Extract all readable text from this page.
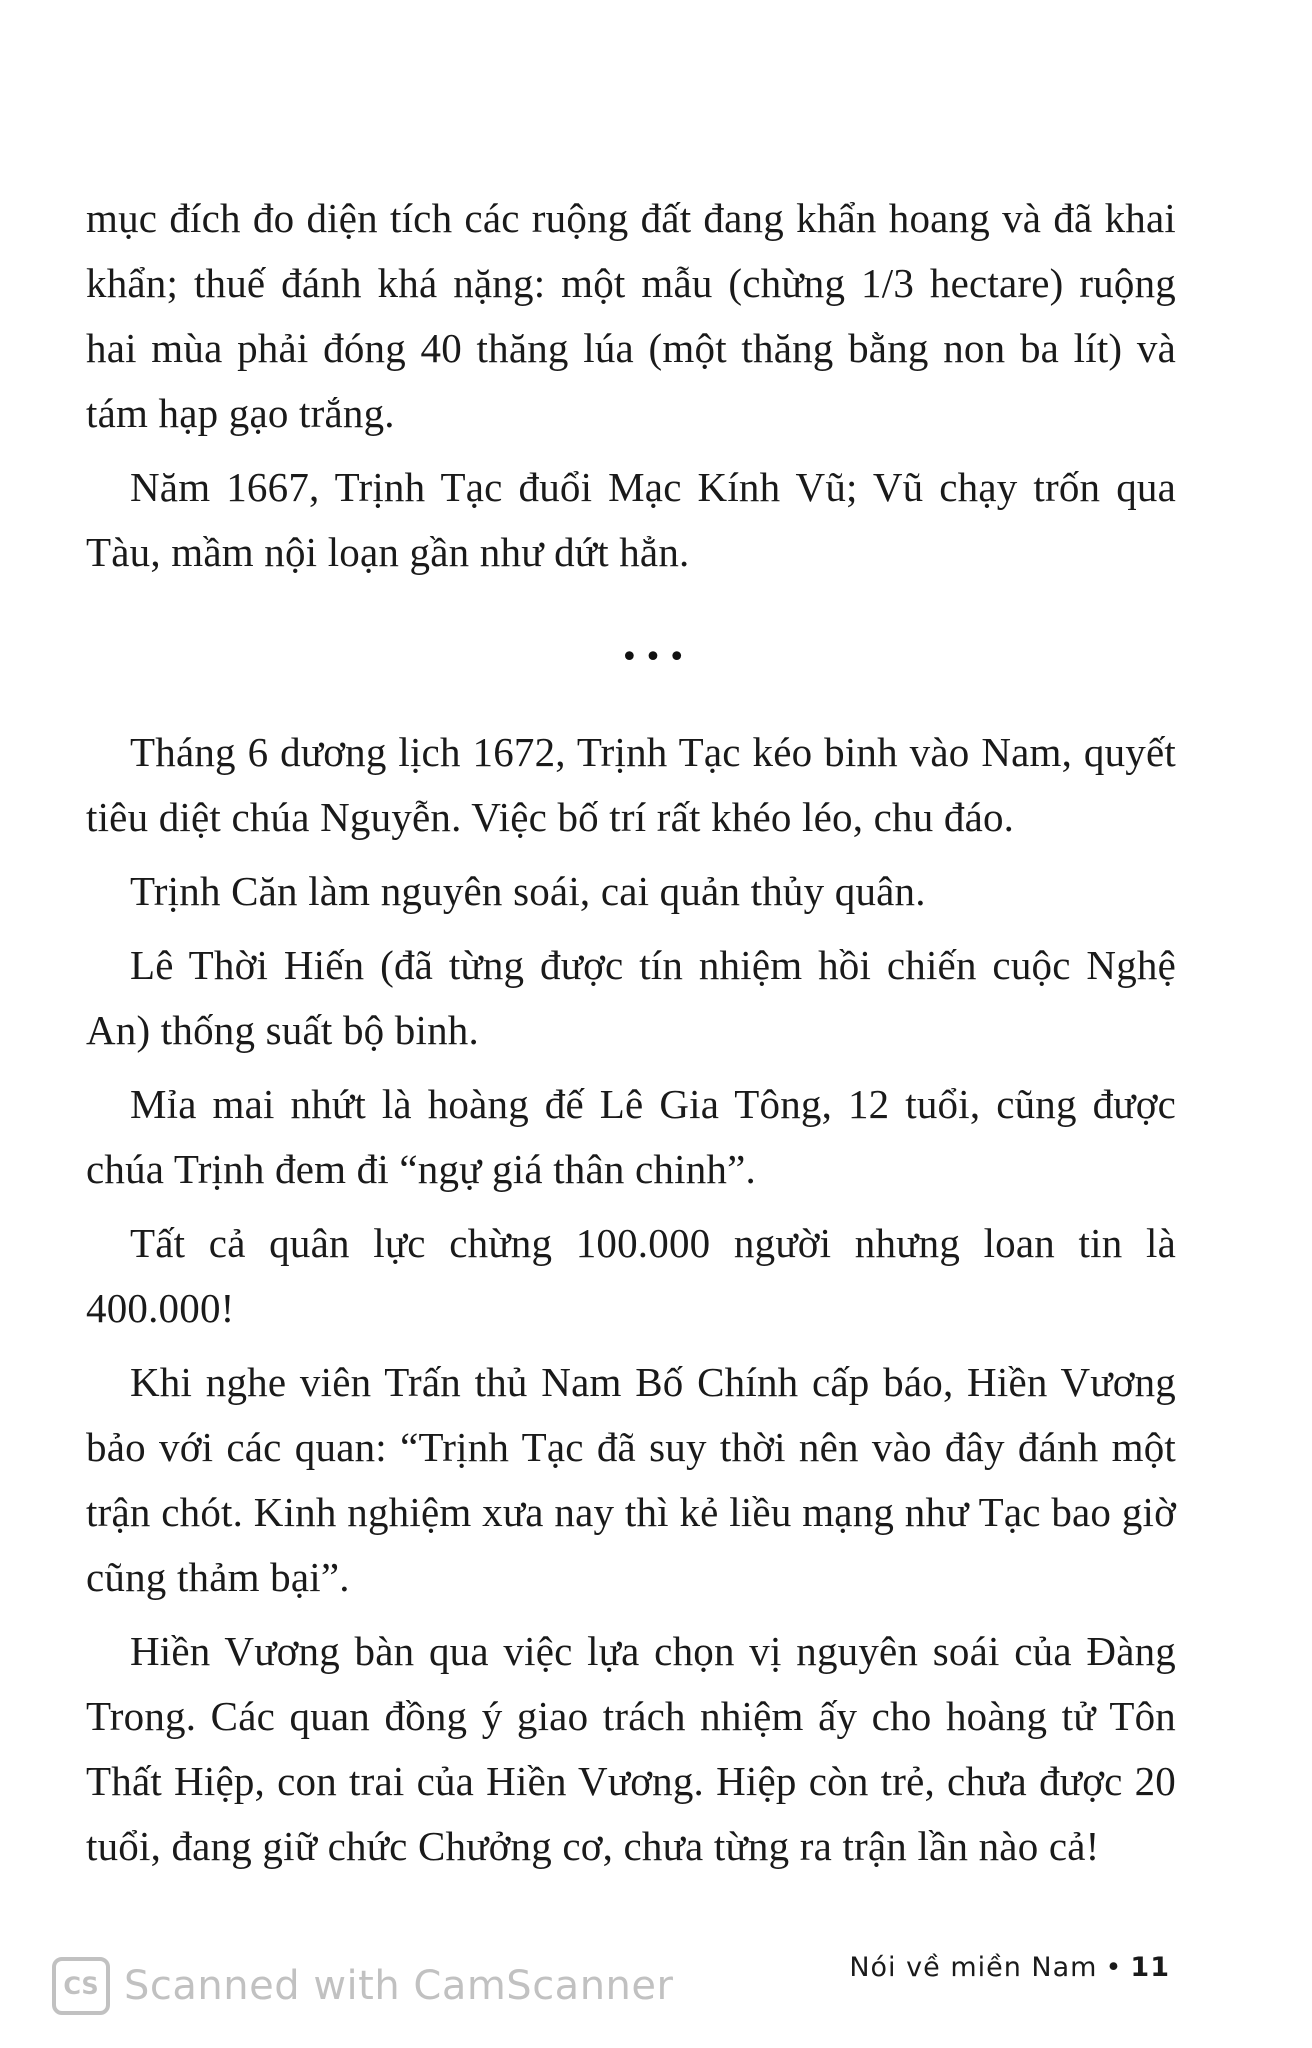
mục đích đo diện tích các ruộng đất đang khẩn hoang và đã khai khẩn; thuế đánh khá nặng: một mẫu (chừng 1/3 hectare) ruộng hai mùa phải đóng 40 thăng lúa (một thăng bằng non ba lít) và tám hạp gạo trắng.

Năm 1667, Trịnh Tạc đuổi Mạc Kính Vũ; Vũ chạy trốn qua Tàu, mầm nội loạn gần như dứt hẳn.

•••

Tháng 6 dương lịch 1672, Trịnh Tạc kéo binh vào Nam, quyết tiêu diệt chúa Nguyễn. Việc bố trí rất khéo léo, chu đáo.

Trịnh Căn làm nguyên soái, cai quản thủy quân.

Lê Thời Hiến (đã từng được tín nhiệm hồi chiến cuộc Nghệ An) thống suất bộ binh.

Mỉa mai nhứt là hoàng đế Lê Gia Tông, 12 tuổi, cũng được chúa Trịnh đem đi “ngự giá thân chinh”.

Tất cả quân lực chừng 100.000 người nhưng loan tin là 400.000!

Khi nghe viên Trấn thủ Nam Bố Chính cấp báo, Hiền Vương bảo với các quan: “Trịnh Tạc đã suy thời nên vào đây đánh một trận chót. Kinh nghiệm xưa nay thì kẻ liều mạng như Tạc bao giờ cũng thảm bại”.

Hiền Vương bàn qua việc lựa chọn vị nguyên soái của Đàng Trong. Các quan đồng ý giao trách nhiệm ấy cho hoàng tử Tôn Thất Hiệp, con trai của Hiền Vương. Hiệp còn trẻ, chưa được 20 tuổi, đang giữ chức Chưởng cơ, chưa từng ra trận lần nào cả!

CS Scanned with CamScanner	Nói về miền Nam • 11
